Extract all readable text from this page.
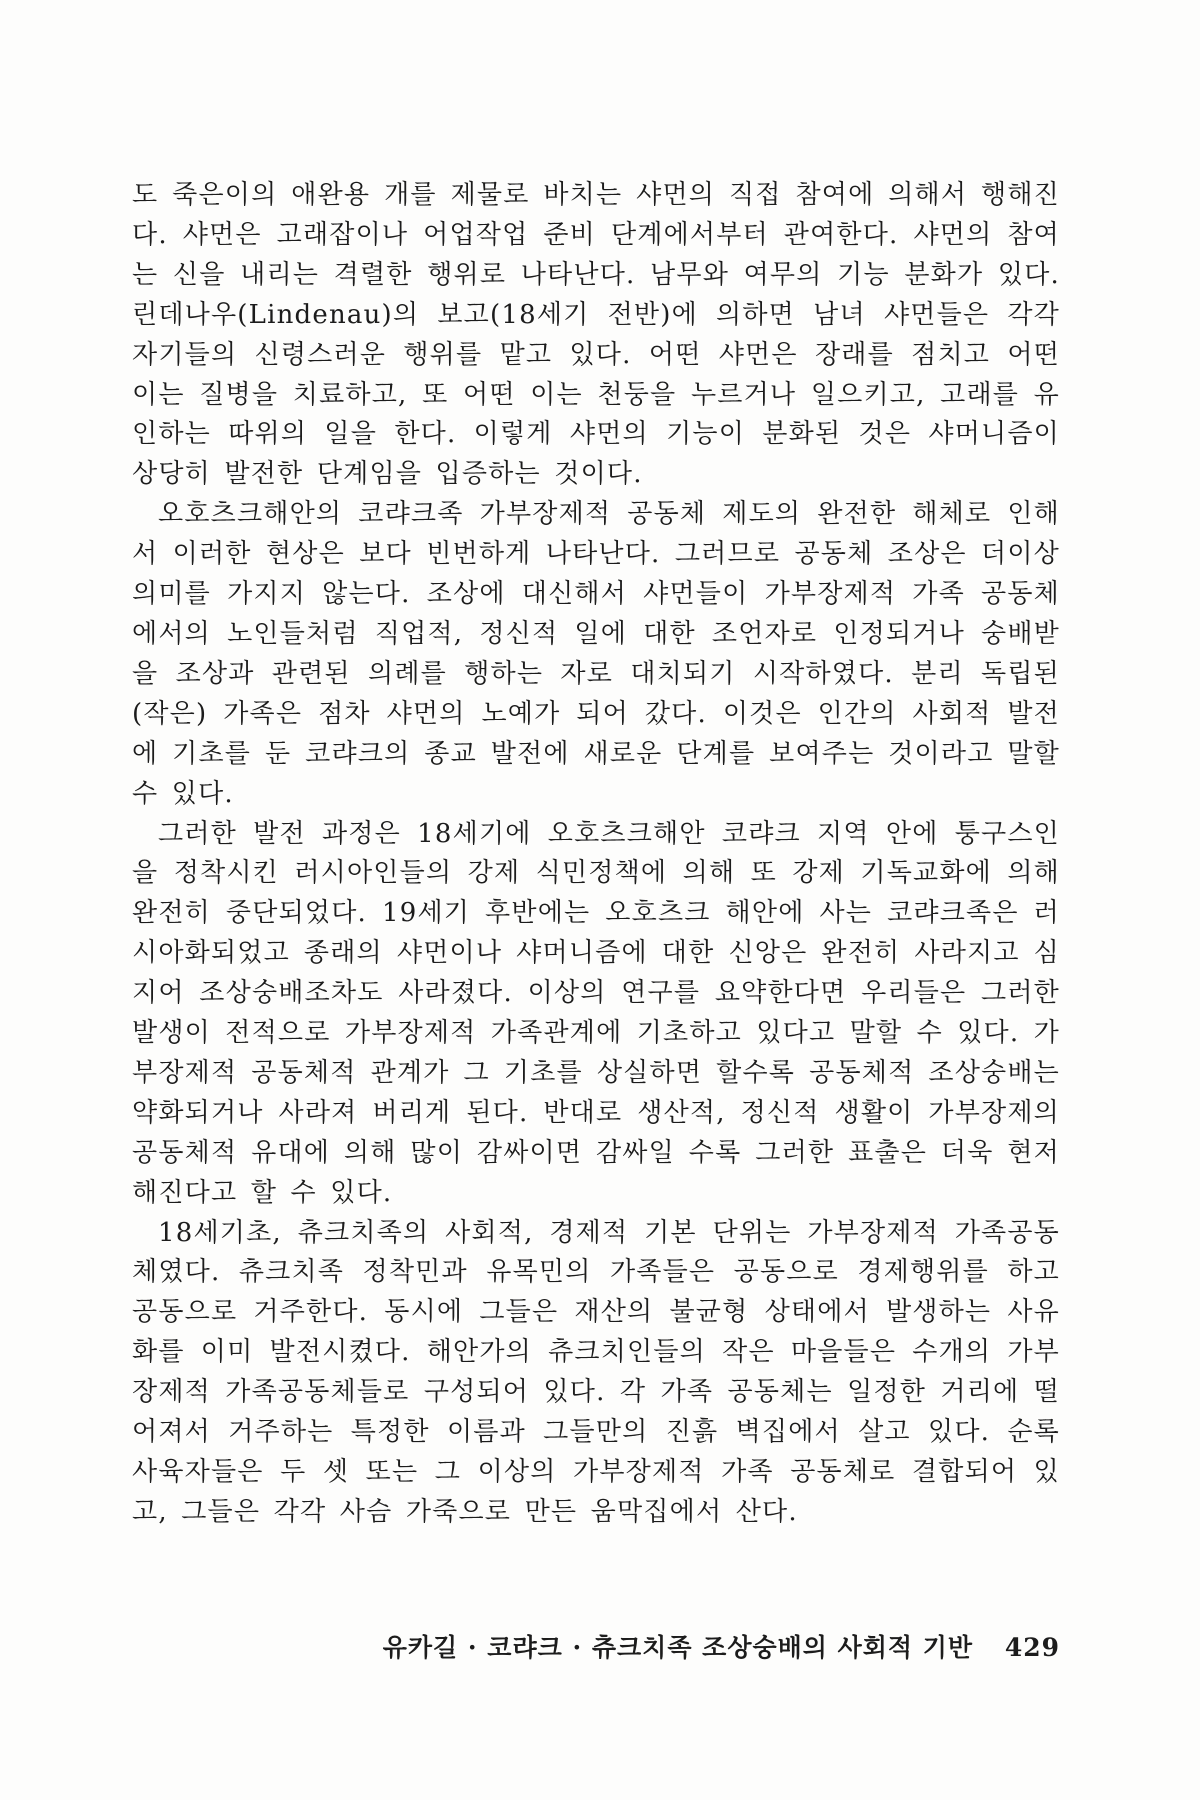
도 죽은이의 애완용 개를 제물로 바치는 샤먼의 직접 참여에 의해서 행해진다. 샤먼은 고래잡이나 어업작업 준비 단계에서부터 관여한다. 샤먼의 참여는 신을 내리는 격렬한 행위로 나타난다. 남무와 여무의 기능 분화가 있다. 린데나우(Lindenau)의 보고(18세기 전반)에 의하면 남녀 샤먼들은 각각 자기들의 신령스러운 행위를 맡고 있다. 어떤 샤먼은 장래를 점치고 어떤 이는 질병을 치료하고, 또 어떤 이는 천둥을 누르거나 일으키고, 고래를 유인하는 따위의 일을 한다. 이렇게 샤먼의 기능이 분화된 것은 샤머니즘이 상당히 발전한 단계임을 입증하는 것이다.

오호츠크해안의 코랴크족 가부장제적 공동체 제도의 완전한 해체로 인해서 이러한 현상은 보다 빈번하게 나타난다. 그러므로 공동체 조상은 더이상 의미를 가지지 않는다. 조상에 대신해서 샤먼들이 가부장제적 가족 공동체에서의 노인들처럼 직업적, 정신적 일에 대한 조언자로 인정되거나 숭배받을 조상과 관련된 의례를 행하는 자로 대치되기 시작하였다. 분리 독립된(작은) 가족은 점차 샤먼의 노예가 되어 갔다. 이것은 인간의 사회적 발전에 기초를 둔 코랴크의 종교 발전에 새로운 단계를 보여주는 것이라고 말할 수 있다.

그러한 발전 과정은 18세기에 오호츠크해안 코랴크 지역 안에 퉁구스인을 정착시킨 러시아인들의 강제 식민정책에 의해 또 강제 기독교화에 의해 완전히 중단되었다. 19세기 후반에는 오호츠크 해안에 사는 코랴크족은 러시아화되었고 종래의 샤먼이나 샤머니즘에 대한 신앙은 완전히 사라지고 심지어 조상숭배조차도 사라졌다. 이상의 연구를 요약한다면 우리들은 그러한 발생이 전적으로 가부장제적 가족관계에 기초하고 있다고 말할 수 있다. 가부장제적 공동체적 관계가 그 기초를 상실하면 할수록 공동체적 조상숭배는 약화되거나 사라져 버리게 된다. 반대로 생산적, 정신적 생활이 가부장제의 공동체적 유대에 의해 많이 감싸이면 감싸일 수록 그러한 표출은 더욱 현저해진다고 할 수 있다.

18세기초, 츄크치족의 사회적, 경제적 기본 단위는 가부장제적 가족공동체였다. 츄크치족 정착민과 유목민의 가족들은 공동으로 경제행위를 하고 공동으로 거주한다. 동시에 그들은 재산의 불균형 상태에서 발생하는 사유화를 이미 발전시켰다. 해안가의 츄크치인들의 작은 마을들은 수개의 가부장제적 가족공동체들로 구성되어 있다. 각 가족 공동체는 일정한 거리에 떨어져서 거주하는 특정한 이름과 그들만의 진흙 벽집에서 살고 있다. 순록 사육자들은 두 셋 또는 그 이상의 가부장제적 가족 공동체로 결합되어 있고, 그들은 각각 사슴 가죽으로 만든 움막집에서 산다.

유카길 · 코랴크 · 츄크치족 조상숭배의 사회적 기반 429
